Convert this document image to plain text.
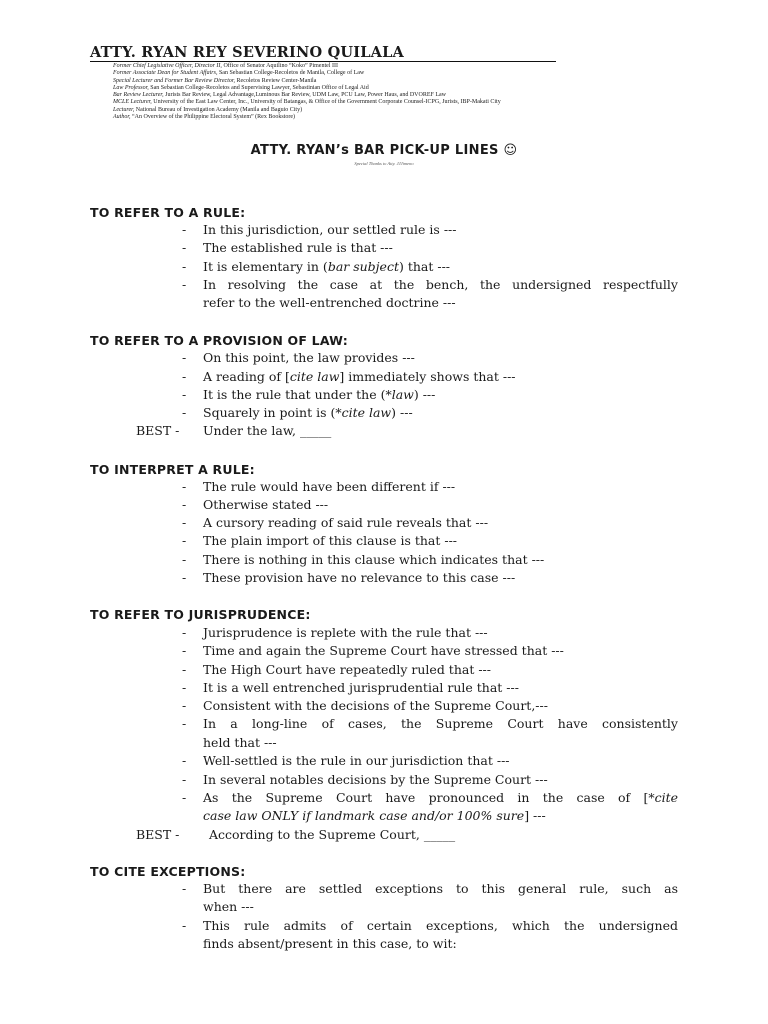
ATTY. RYAN REY SEVERINO QUILALA
Former Chief Legislative Officer, Director II, Office of Senator Aquilino “Koko” Pimentel III
Former Associate Dean for Student Affairs, San Sebastian College-Recoletos de Manila, College of Law
Special Lecturer and Former Bar Review Director, Recoletos Review Center-Manila
Law Professor, San Sebastian College-Recoletos and Supervising Lawyer, Sebastinian Office of Legal Aid
Bar Review Lecturer, Jurists Bar Review, Legal Advantage,Luminous Bar Review, UDM Law, PCU Law, Power Haus, and DVOREF Law
MCLE Lecturer, University of the East Law Center, Inc., University of Batangas, & Office of the Government Corporate Counsel-ICPG, Jurists, IBP-Makati City
Lecturer, National Bureau of Investigation Academy (Manila and Baguio City)
Author, “An Overview of the Philippine Electoral System” (Rex Bookstore)
ATTY. RYAN’s BAR PICK-UP LINES ☺
Special Thanks to Atty. JJJimeno
TO REFER TO A RULE:
- In this jurisdiction, our settled rule is ---
- The established rule is that ---
- It is elementary in (bar subject) that ---
- In resolving the case at the bench, the undersigned respectfully
refer to the well-entrenched doctrine ---
TO REFER TO A PROVISION OF LAW:
- On this point, the law provides ---
- A reading of [cite law] immediately shows that ---
- It is the rule that under the (*law) ---
- Squarely in point is (*cite law) ---
BEST - Under the law, _____
TO INTERPRET A RULE:
- The rule would have been different if ---
- Otherwise stated ---
- A cursory reading of said rule reveals that ---
- The plain import of this clause is that ---
- There is nothing in this clause which indicates that ---
- These provision have no relevance to this case ---
TO REFER TO JURISPRUDENCE:
- Jurisprudence is replete with the rule that ---
- Time and again the Supreme Court have stressed that ---
- The High Court have repeatedly ruled that ---
- It is a well entrenched jurisprudential rule that ---
- Consistent with the decisions of the Supreme Court,---
- In a long-line of cases, the Supreme Court have consistently
held that ---
- Well-settled is the rule in our jurisdiction that ---
- In several notables decisions by the Supreme Court ---
- As the Supreme Court have pronounced in the case of [*cite
case law ONLY if landmark case and/or 100% sure] ---
BEST - According to the Supreme Court, _____
TO CITE EXCEPTIONS:
- But there are settled exceptions to this general rule, such as
when ---
- This rule admits of certain exceptions, which the undersigned
finds absent/present in this case, to wit:
